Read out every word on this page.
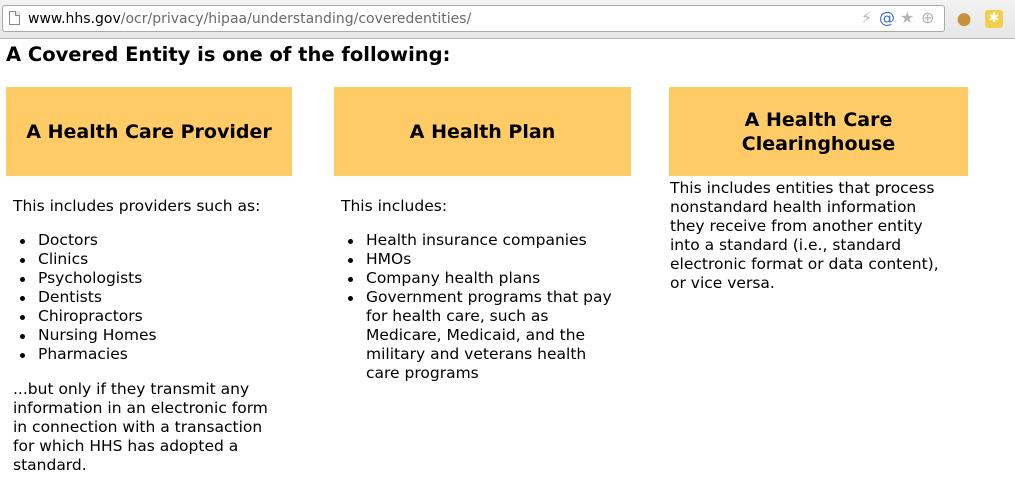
www.hhs.gov/ocr/privacy/hipaa/understanding/coveredentities/	⚡ @ ★ ⊕ ● ✱
A Covered Entity is one of the following:
A Health Care Provider

This includes providers such as:

Doctors
Clinics
Psychologists
Dentists
Chiropractors
Nursing Homes
Pharmacies
...but only if they transmit any
information in an electronic form
in connection with a transaction
for which HHS has adopted a
standard.
A Health Plan

This includes:

Health insurance companies
HMOs
Company health plans
Government programs that pay
for health care, such as
Medicare, Medicaid, and the
military and veterans health
care programs
A Health Care
Clearinghouse
This includes entities that process
nonstandard health information
they receive from another entity
into a standard (i.e., standard
electronic format or data content),
or vice versa.
